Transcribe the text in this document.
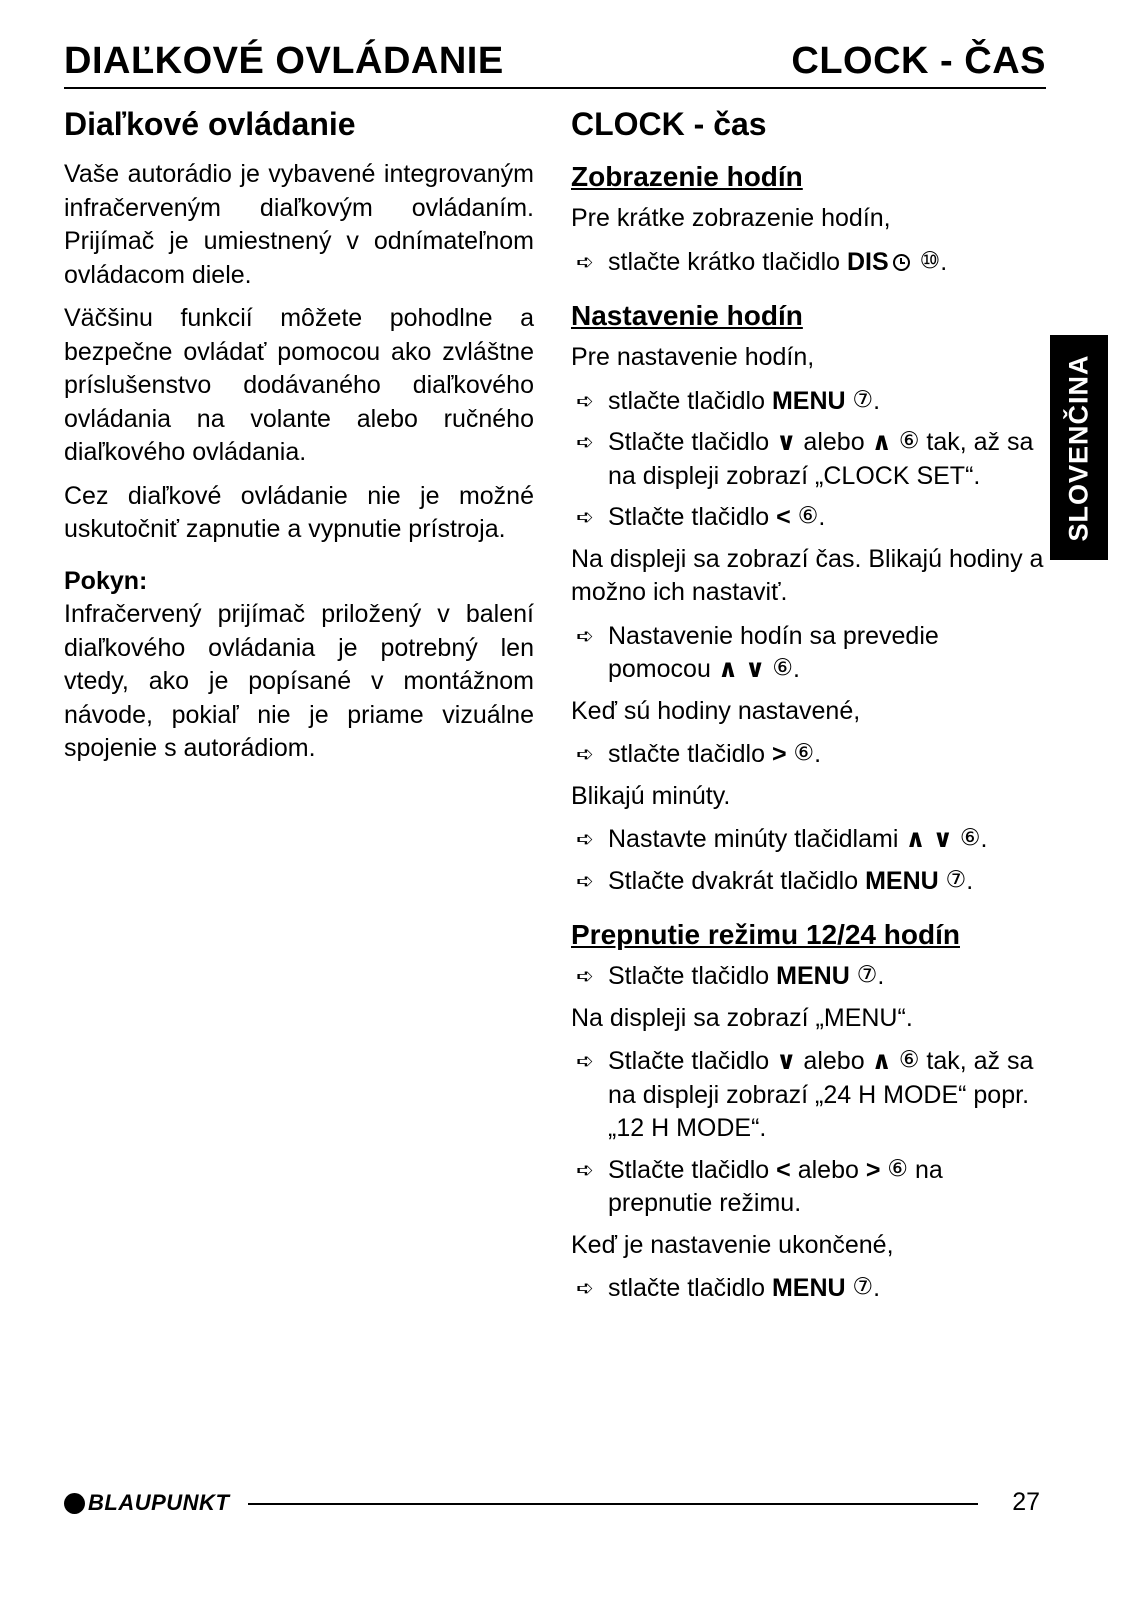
DIAĽKOVÉ OVLÁDANIE	CLOCK - ČAS
Diaľkové ovládanie

Vaše autorádio je vybavené integrovaným infračerveným diaľkovým ovládaním. Prijímač je umiestnený v odnímateľnom ovládacom diele.

Väčšinu funkcií môžete pohodlne a bezpečne ovládať pomocou ako zvláštne príslušenstvo dodávaného diaľkového ovládania na volante alebo ručného diaľkového ovládania.

Cez diaľkové ovládanie nie je možné uskutočniť zapnutie a vypnutie prístroja.

Pokyn:

Infračervený prijímač priložený v balení diaľkového ovládania je potrebný len vtedy, ako je popísané v montážnom návode, pokiaľ nie je priame vizuálne spojenie s autorádiom.

CLOCK - čas
Zobrazenie hodín

Pre krátke zobrazenie hodín,

➪ stlačte krátko tlačidlo DIS ⑩.
Nastavenie hodín

Pre nastavenie hodín,

➪ stlačte tlačidlo MENU ⑦.
➪ Stlačte tlačidlo ∨ alebo ∧ ⑥ tak, až sa na displeji zobrazí „CLOCK SET“.
➪ Stlačte tlačidlo < ⑥.

Na displeji sa zobrazí čas. Blikajú hodiny a možno ich nastaviť.

➪ Nastavenie hodín sa prevedie pomocou ∧ ∨ ⑥.

Keď sú hodiny nastavené,

➪ stlačte tlačidlo > ⑥.

Blikajú minúty.

➪ Nastavte minúty tlačidlami ∧ ∨ ⑥.
➪ Stlačte dvakrát tlačidlo MENU ⑦.
Prepnutie režimu 12/24 hodín
➪ Stlačte tlačidlo MENU ⑦.

Na displeji sa zobrazí „MENU“.

➪ Stlačte tlačidlo ∨ alebo ∧ ⑥ tak, až sa na displeji zobrazí „24 H MODE“ popr. „12 H MODE“.
➪ Stlačte tlačidlo < alebo > ⑥ na prepnutie režimu.

Keď je nastavenie ukončené,

➪ stlačte tlačidlo MENU ⑦.
SLOVENČINA
BLAUPUNKT	27
